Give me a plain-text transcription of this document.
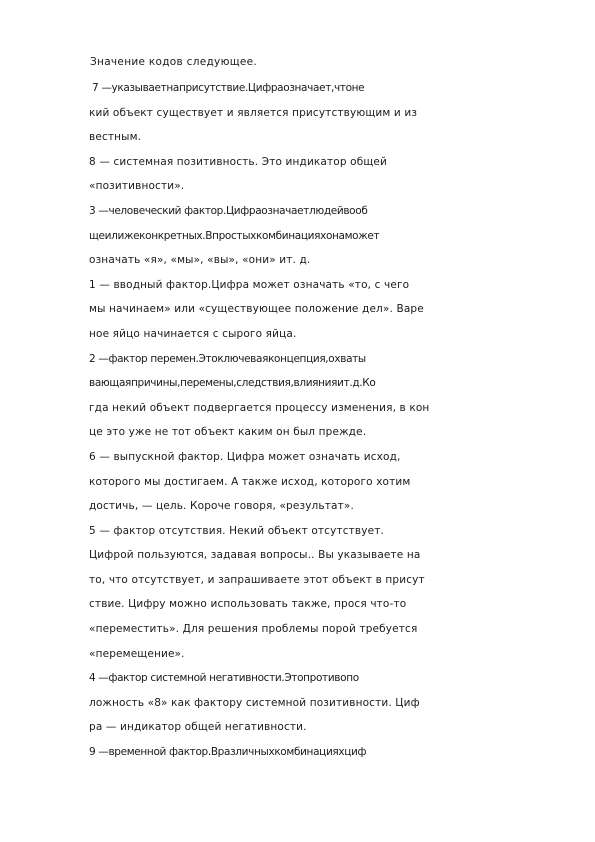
Значение кодов следующее.
7 —указываетнаприсутствие.Цифраозначает,чтоне
кий объект существует и является присутствующим и из
вестным.
8 — системная позитивность. Это индикатор общей
«позитивности».
3 —человеческий фактор.Цифраозначаетлюдейвооб
щеилижеконкретных.Впростыхкомбинацияхонаможет
означать «я», «мы», «вы», «они» ит. д.
1 — вводный фактор.Цифра может означать «то, с чего
мы начинаем» или «существующее положение дел». Варе
ное яйцо начинается с сырого яйца.
2 —фактор перемен.Этоключеваяконцепция,охваты
вающаяпричины,перемены,следствия,влиянияит.д.Ко
гда некий объект подвергается процессу изменения, в кон
це это уже не тот объект каким он был прежде.
6 — выпускной фактор. Цифра может означать исход,
которого мы достигаем. А также исход, которого хотим
достичь, — цель. Короче говоря, «результат».
5 — фактор отсутствия. Некий объект отсутствует.
Цифрой пользуются, задавая вопросы.. Вы указываете на
то, что отсутствует, и запрашиваете этот объект в присут
ствие. Цифру можно использовать также, прося что-то
«переместить». Для решения проблемы порой требуется
«перемещение».
4 —фактор системной негативности.Этопротивопо
ложность «8» как фактору системной позитивности. Циф
ра — индикатор общей негативности.
9 —временной фактор.Вразличныхкомбинацияхциф
